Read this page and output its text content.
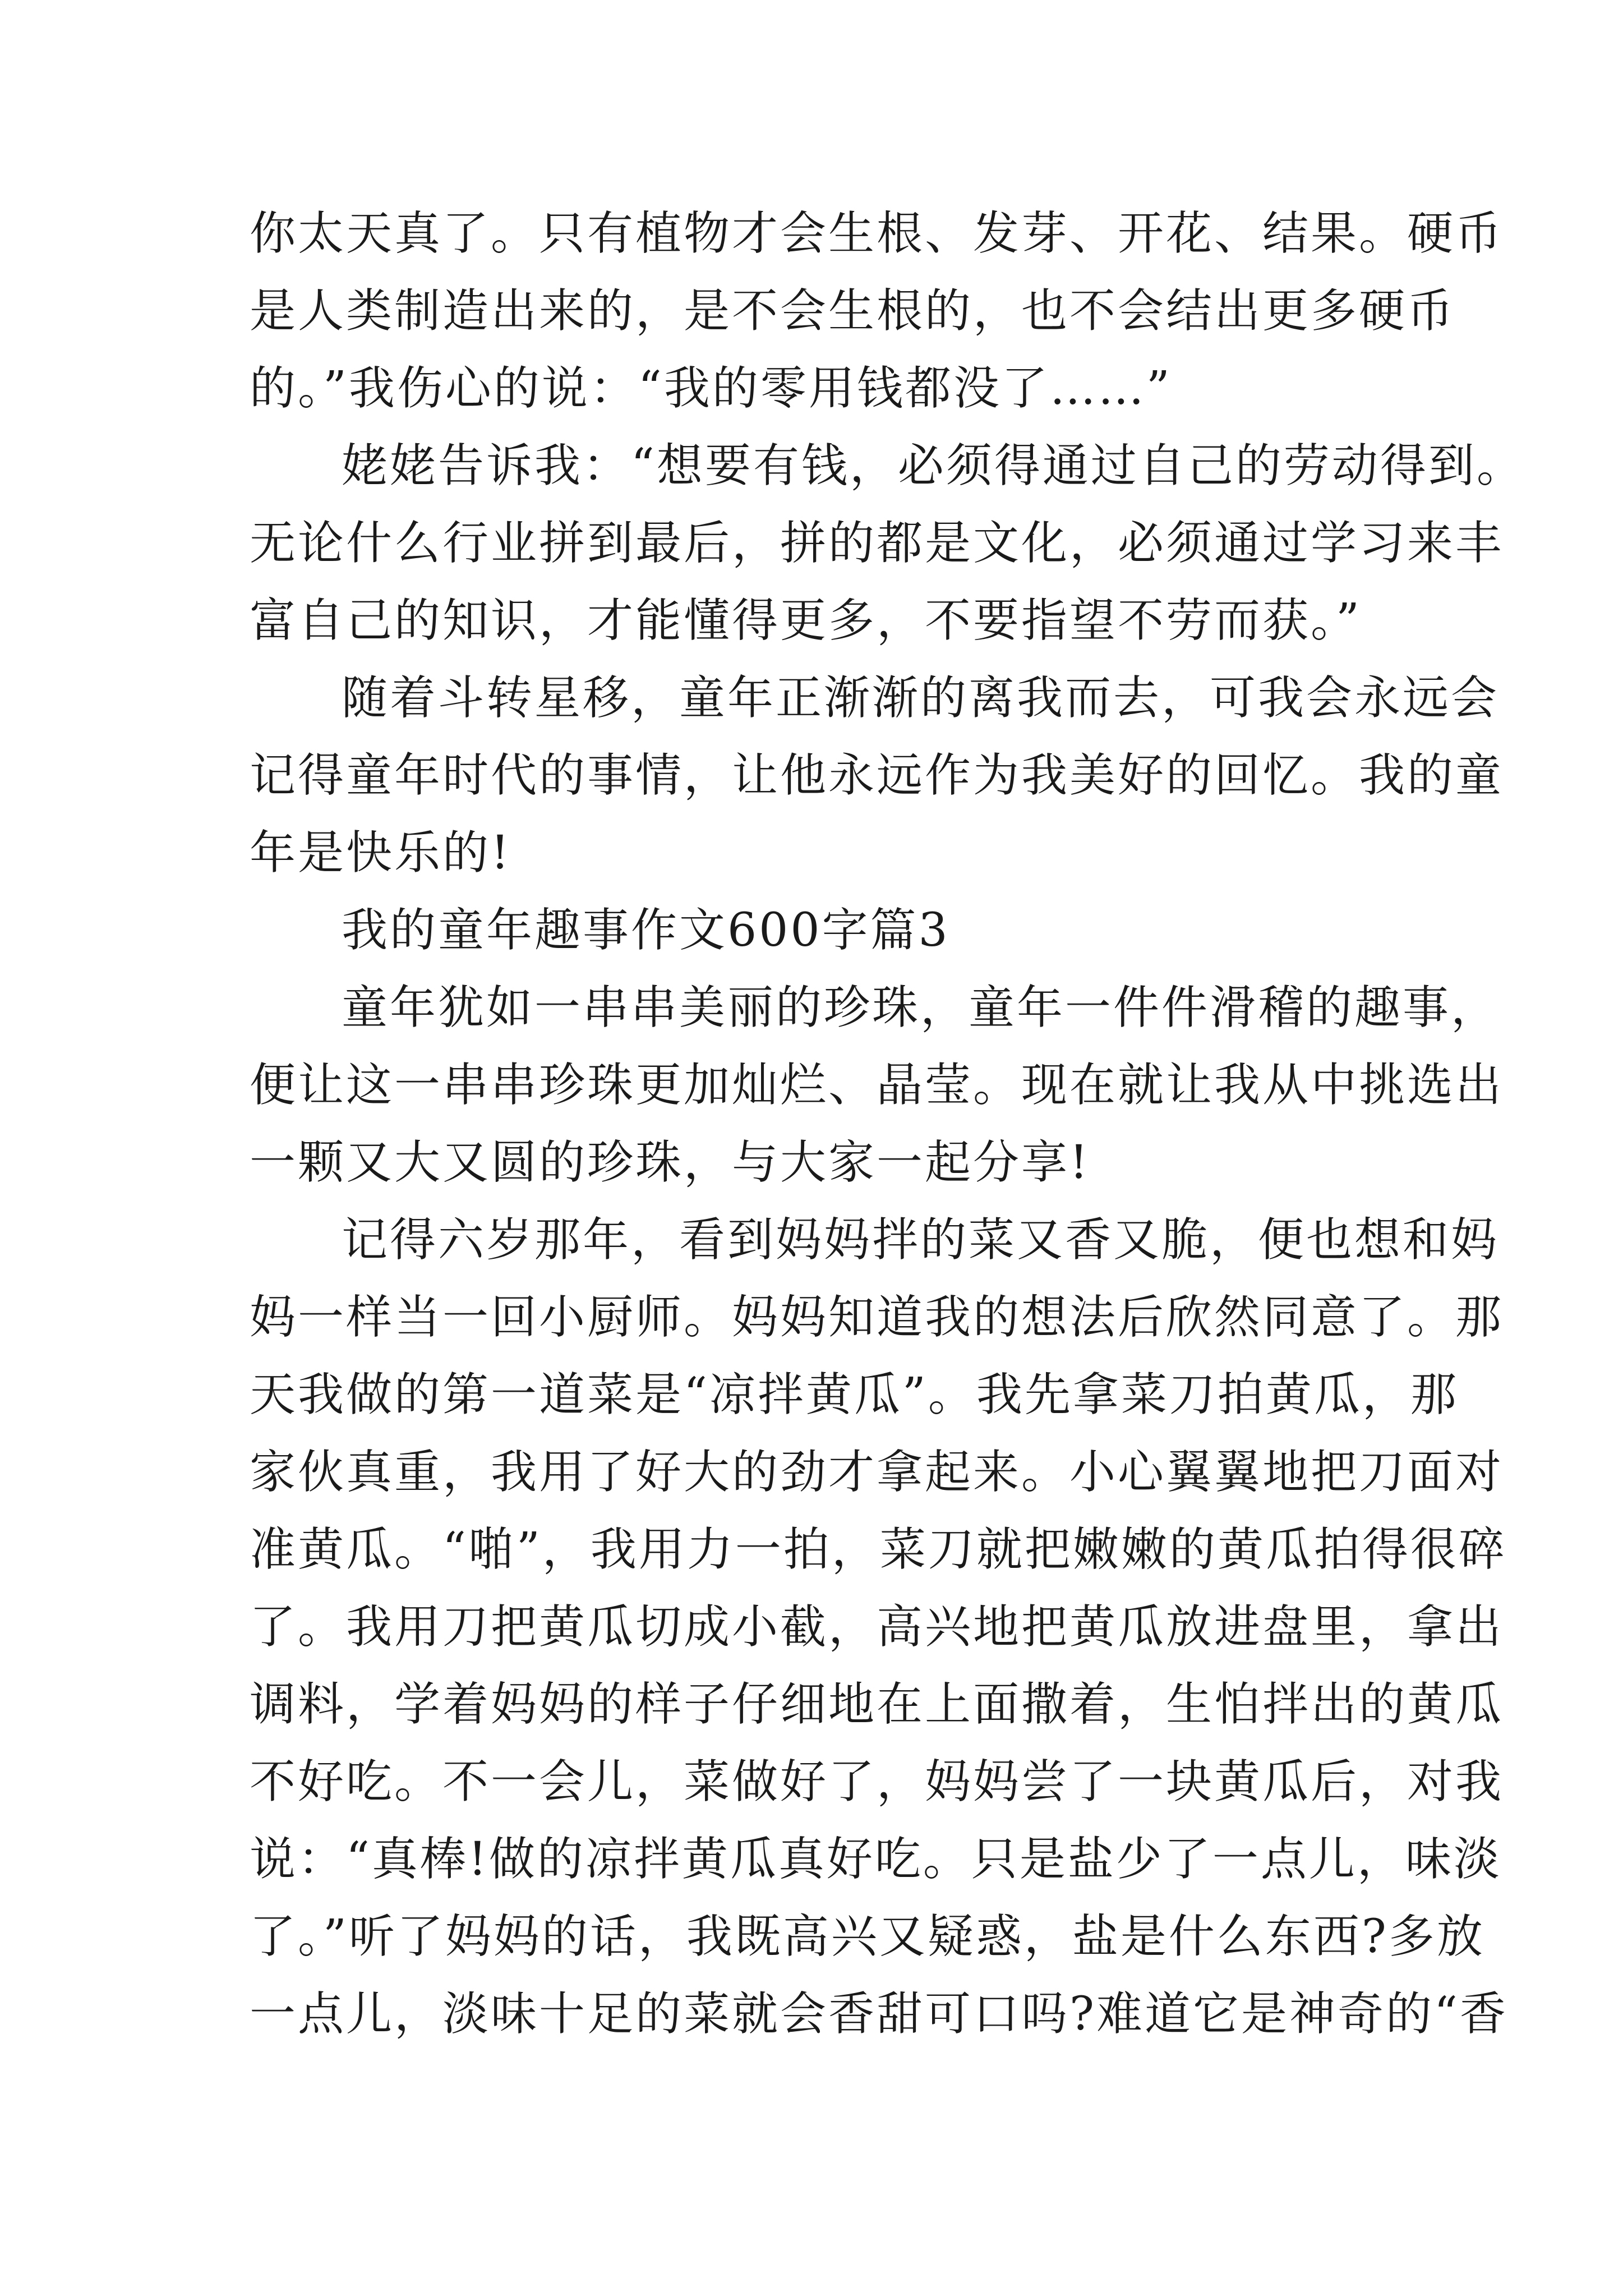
你太天真了。只有植物才会生根、发芽、开花、结果。硬币
是人类制造出来的，是不会生根的，也不会结出更多硬币
的。”我伤心的说：“我的零用钱都没了……”
姥姥告诉我：“想要有钱，必须得通过自己的劳动得到。
无论什么行业拼到最后，拼的都是文化，必须通过学习来丰
富自己的知识，才能懂得更多，不要指望不劳而获。”
随着斗转星移，童年正渐渐的离我而去，可我会永远会
记得童年时代的事情，让他永远作为我美好的回忆。我的童
年是快乐的!
我的童年趣事作文600字篇3
童年犹如一串串美丽的珍珠，童年一件件滑稽的趣事，
便让这一串串珍珠更加灿烂、晶莹。现在就让我从中挑选出
一颗又大又圆的珍珠，与大家一起分享!
记得六岁那年，看到妈妈拌的菜又香又脆，便也想和妈
妈一样当一回小厨师。妈妈知道我的想法后欣然同意了。那
天我做的第一道菜是“凉拌黄瓜”。我先拿菜刀拍黄瓜，那
家伙真重，我用了好大的劲才拿起来。小心翼翼地把刀面对
准黄瓜。“啪”，我用力一拍，菜刀就把嫩嫩的黄瓜拍得很碎
了。我用刀把黄瓜切成小截，高兴地把黄瓜放进盘里，拿出
调料，学着妈妈的样子仔细地在上面撒着，生怕拌出的黄瓜
不好吃。不一会儿，菜做好了，妈妈尝了一块黄瓜后，对我
说：“真棒!做的凉拌黄瓜真好吃。只是盐少了一点儿，味淡
了。”听了妈妈的话，我既高兴又疑惑，盐是什么东西?多放
一点儿，淡味十足的菜就会香甜可口吗?难道它是神奇的“香
